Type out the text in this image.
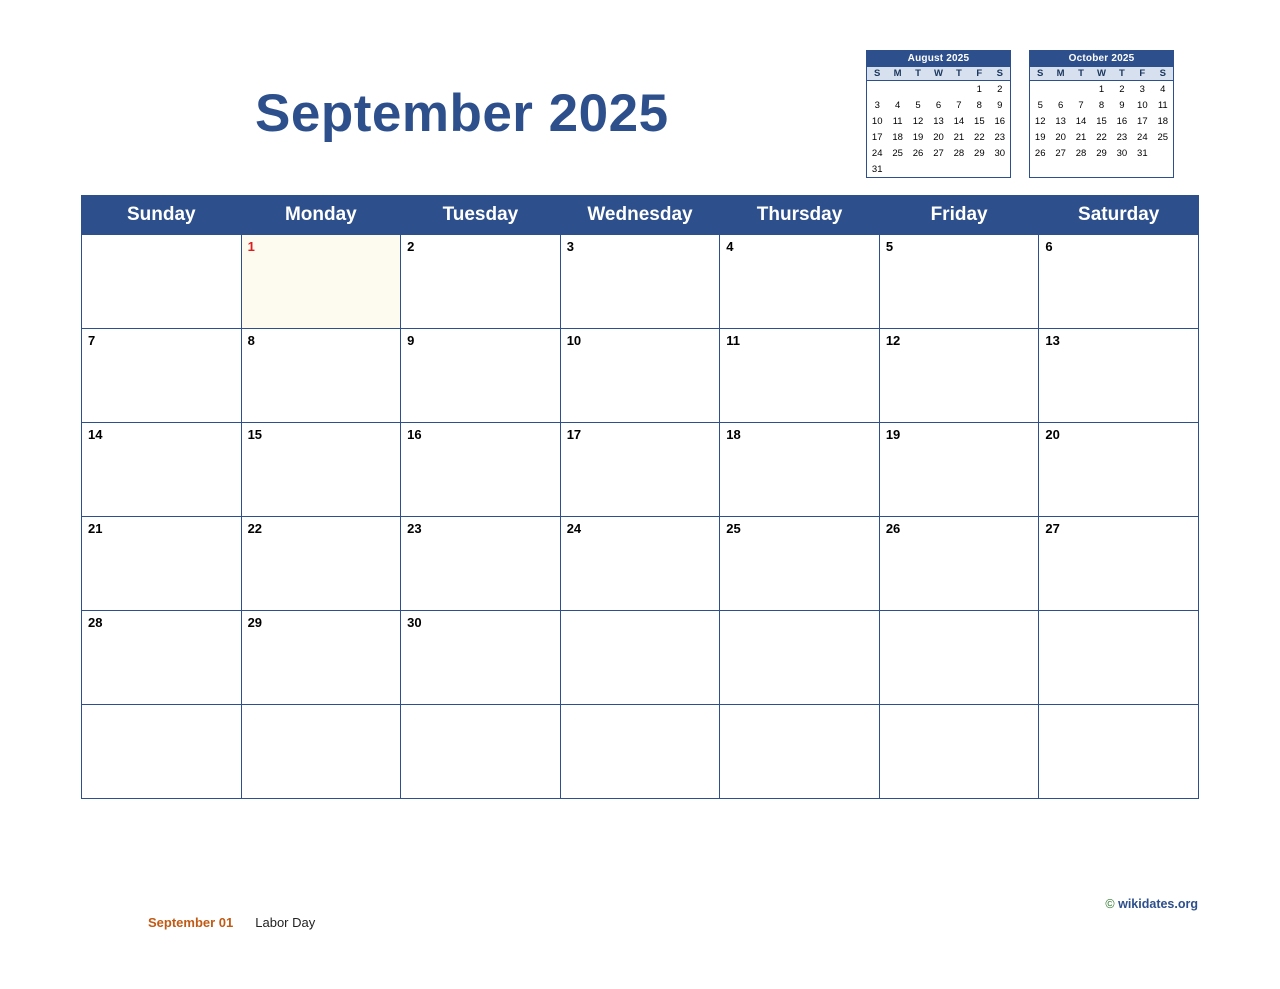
August 2025
S	M	T	W	T	F	S
					1	2
3	4	5	6	7	8	9
10	11	12	13	14	15	16
17	18	19	20	21	22	23
24	25	26	27	28	29	30
31						
October 2025
S	M	T	W	T	F	S
			1	2	3	4
5	6	7	8	9	10	11
12	13	14	15	16	17	18
19	20	21	22	23	24	25
26	27	28	29	30	31	

September 2025
Sunday	Monday	Tuesday	Wednesday	Thursday	Friday	Saturday
	1	2	3	4	5	6
7	8	9	10	11	12	13
14	15	16	17	18	19	20
21	22	23	24	25	26	27
28	29	30				

September 01 Labor Day
© wikidates.org
